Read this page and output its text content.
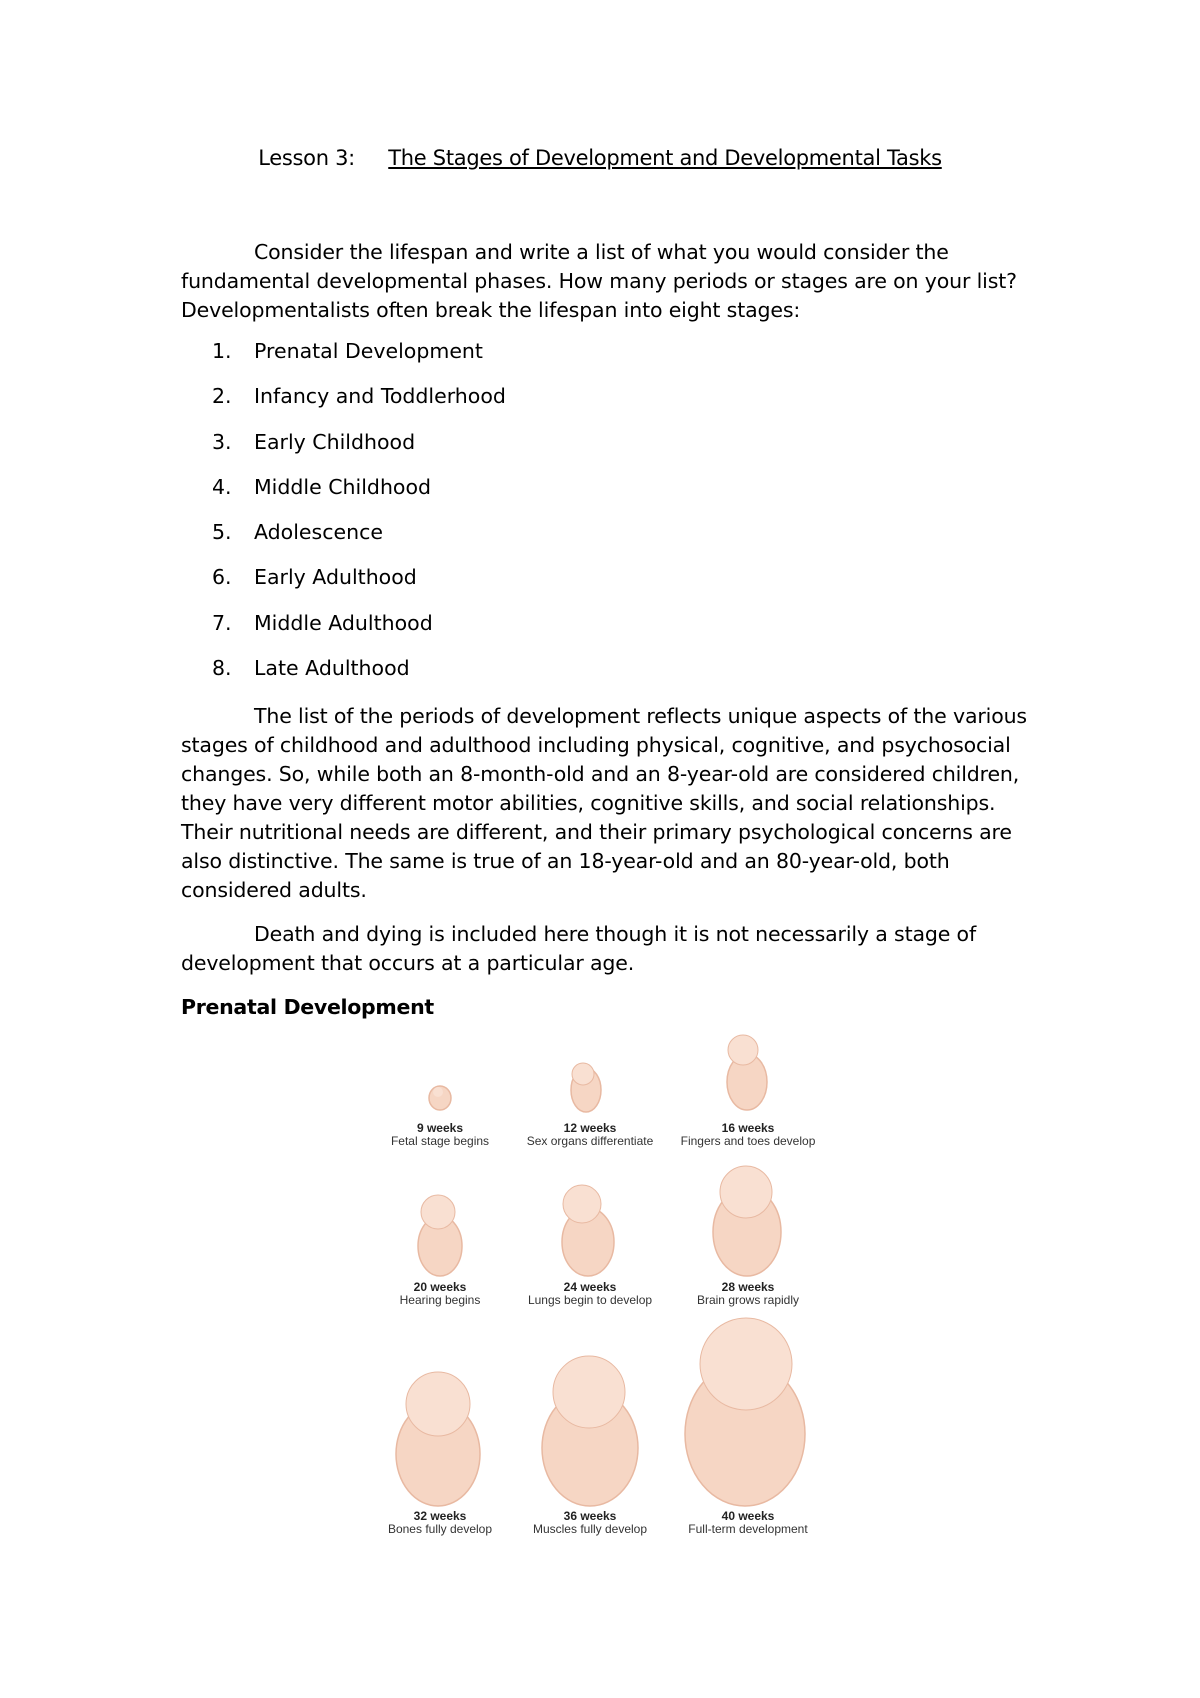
Lesson 3: The Stages of Development and Developmental Tasks

Consider the lifespan and write a list of what you would consider the fundamental developmental phases. How many periods or stages are on your list? Developmentalists often break the lifespan into eight stages:

1. Prenatal Development
2. Infancy and Toddlerhood
3. Early Childhood
4. Middle Childhood
5. Adolescence
6. Early Adulthood
7. Middle Adulthood
8. Late Adulthood

The list of the periods of development reflects unique aspects of the various stages of childhood and adulthood including physical, cognitive, and psychosocial changes. So, while both an 8-month-old and an 8-year-old are considered children, they have very different motor abilities, cognitive skills, and social relationships. Their nutritional needs are different, and their primary psychological concerns are also distinctive. The same is true of an 18-year-old and an 80-year-old, both considered adults.

Death and dying is included here though it is not necessarily a stage of development that occurs at a particular age.

Prenatal Development
9 weeks
Fetal stage begins
12 weeks
Sex organs differentiate
16 weeks
Fingers and toes develop
20 weeks
Hearing begins
24 weeks
Lungs begin to develop
28 weeks
Brain grows rapidly
32 weeks
Bones fully develop
36 weeks
Muscles fully develop
40 weeks
Full-term development
